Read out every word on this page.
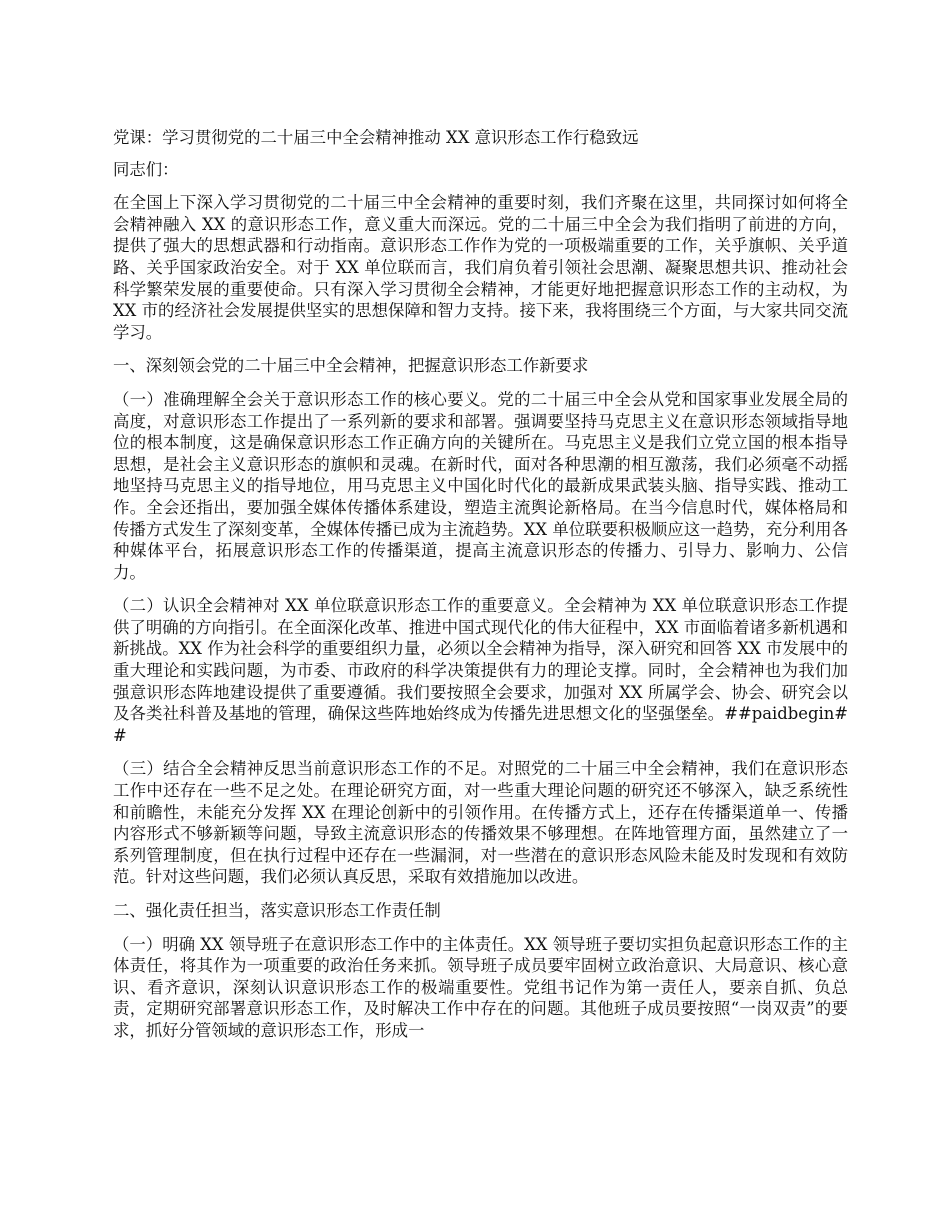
党课：学习贯彻党的二十届三中全会精神推动 XX 意识形态工作行稳致远

同志们：

在全国上下深入学习贯彻党的二十届三中全会精神的重要时刻，我们齐聚在这里，共同探讨如何将全会精神融入 XX 的意识形态工作，意义重大而深远。党的二十届三中全会为我们指明了前进的方向，提供了强大的思想武器和行动指南。意识形态工作作为党的一项极端重要的工作，关乎旗帜、关乎道路、关乎国家政治安全。对于 XX 单位联而言，我们肩负着引领社会思潮、凝聚思想共识、推动社会科学繁荣发展的重要使命。只有深入学习贯彻全会精神，才能更好地把握意识形态工作的主动权，为 XX 市的经济社会发展提供坚实的思想保障和智力支持。接下来，我将围绕三个方面，与大家共同交流学习。

一、深刻领会党的二十届三中全会精神，把握意识形态工作新要求

（一）准确理解全会关于意识形态工作的核心要义。党的二十届三中全会从党和国家事业发展全局的高度，对意识形态工作提出了一系列新的要求和部署。强调要坚持马克思主义在意识形态领域指导地位的根本制度，这是确保意识形态工作正确方向的关键所在。马克思主义是我们立党立国的根本指导思想，是社会主义意识形态的旗帜和灵魂。在新时代，面对各种思潮的相互激荡，我们必须毫不动摇地坚持马克思主义的指导地位，用马克思主义中国化时代化的最新成果武装头脑、指导实践、推动工作。全会还指出，要加强全媒体传播体系建设，塑造主流舆论新格局。在当今信息时代，媒体格局和传播方式发生了深刻变革，全媒体传播已成为主流趋势。XX 单位联要积极顺应这一趋势，充分利用各种媒体平台，拓展意识形态工作的传播渠道，提高主流意识形态的传播力、引导力、影响力、公信力。

（二）认识全会精神对 XX 单位联意识形态工作的重要意义。全会精神为 XX 单位联意识形态工作提供了明确的方向指引。在全面深化改革、推进中国式现代化的伟大征程中，XX 市面临着诸多新机遇和新挑战。XX 作为社会科学的重要组织力量，必须以全会精神为指导，深入研究和回答 XX 市发展中的重大理论和实践问题，为市委、市政府的科学决策提供有力的理论支撑。同时，全会精神也为我们加强意识形态阵地建设提供了重要遵循。我们要按照全会要求，加强对 XX 所属学会、协会、研究会以及各类社科普及基地的管理，确保这些阵地始终成为传播先进思想文化的坚强堡垒。##paidbegin##

（三）结合全会精神反思当前意识形态工作的不足。对照党的二十届三中全会精神，我们在意识形态工作中还存在一些不足之处。在理论研究方面，对一些重大理论问题的研究还不够深入，缺乏系统性和前瞻性，未能充分发挥 XX 在理论创新中的引领作用。在传播方式上，还存在传播渠道单一、传播内容形式不够新颖等问题，导致主流意识形态的传播效果不够理想。在阵地管理方面，虽然建立了一系列管理制度，但在执行过程中还存在一些漏洞，对一些潜在的意识形态风险未能及时发现和有效防范。针对这些问题，我们必须认真反思，采取有效措施加以改进。

二、强化责任担当，落实意识形态工作责任制

（一）明确 XX 领导班子在意识形态工作中的主体责任。XX 领导班子要切实担负起意识形态工作的主体责任，将其作为一项重要的政治任务来抓。领导班子成员要牢固树立政治意识、大局意识、核心意识、看齐意识，深刻认识意识形态工作的极端重要性。党组书记作为第一责任人，要亲自抓、负总责，定期研究部署意识形态工作，及时解决工作中存在的问题。其他班子成员要按照“一岗双责”的要求，抓好分管领域的意识形态工作，形成一
